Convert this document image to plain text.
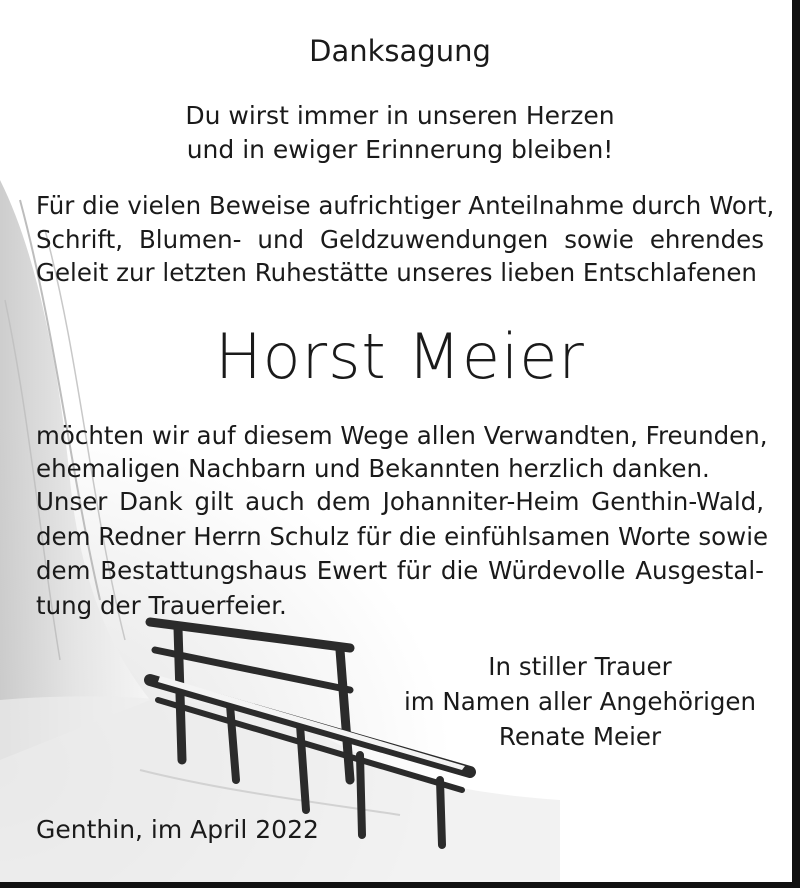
Danksagung
Du wirst immer in unseren Herzen
und in ewiger Erinnerung bleiben!
Für die vielen Beweise aufrichtiger Anteilnahme durch Wort,
Schrift, Blumen- und Geldzuwendungen sowie ehrendes
Geleit zur letzten Ruhestätte unseres lieben Entschlafenen
Horst Meier
möchten wir auf diesem Wege allen Verwandten, Freunden,
ehemaligen Nachbarn und Bekannten herzlich danken.
Unser Dank gilt auch dem Johanniter-Heim Genthin-Wald,
dem Redner Herrn Schulz für die einfühlsamen Worte sowie
dem Bestattungshaus Ewert für die Würdevolle Ausgestal-
tung der Trauerfeier.
In stiller Trauer
im Namen aller Angehörigen
Renate Meier
Genthin, im April 2022
